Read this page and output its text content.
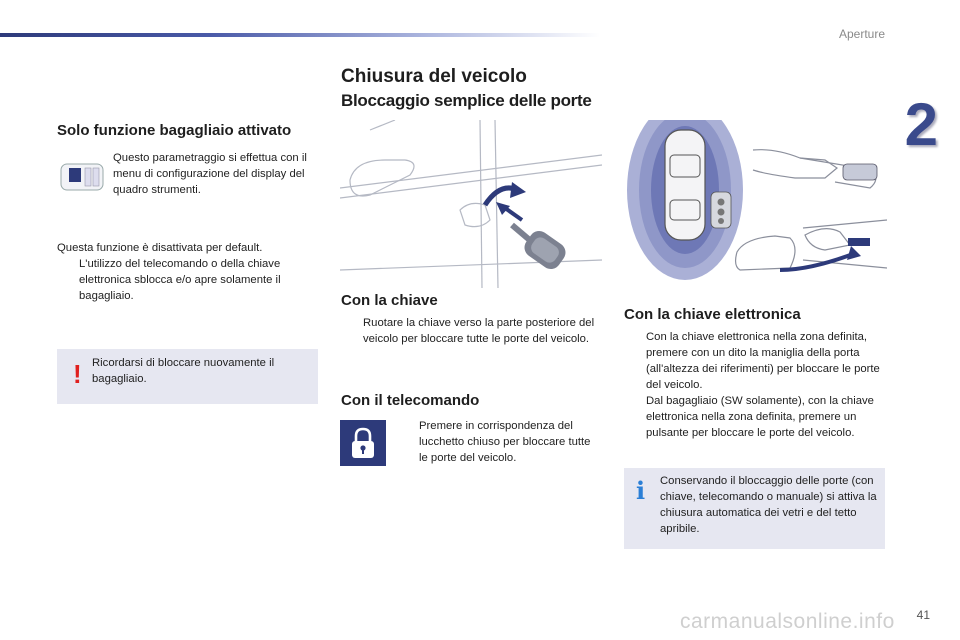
Aperture
2
Solo funzione bagagliaio attivato
Questo parametraggio si effettua con il menu di configurazione del display del quadro strumenti.

Questa funzione è disattivata per default.

L'utilizzo del telecomando o della chiave elettronica sblocca e/o apre solamente il bagagliaio.
! Ricordarsi di bloccare nuovamente il bagagliaio.
Chiusura del veicolo
Bloccaggio semplice delle porte
Con la chiave
Ruotare la chiave verso la parte posteriore del veicolo per bloccare tutte le porte del veicolo.
Con il telecomando
Premere in corrispondenza del lucchetto chiuso per bloccare tutte le porte del veicolo.
Con la chiave elettronica
Con la chiave elettronica nella zona definita, premere con un dito la maniglia della porta (all'altezza dei riferimenti) per bloccare le porte del veicolo.
Dal bagagliaio (SW solamente), con la chiave elettronica nella zona definita, premere un pulsante per bloccare le porte del veicolo.
i Conservando il bloccaggio delle porte (con chiave, telecomando o manuale) si attiva la chiusura automatica dei vetri e del tetto apribile.
carmanualsonline.info 41
